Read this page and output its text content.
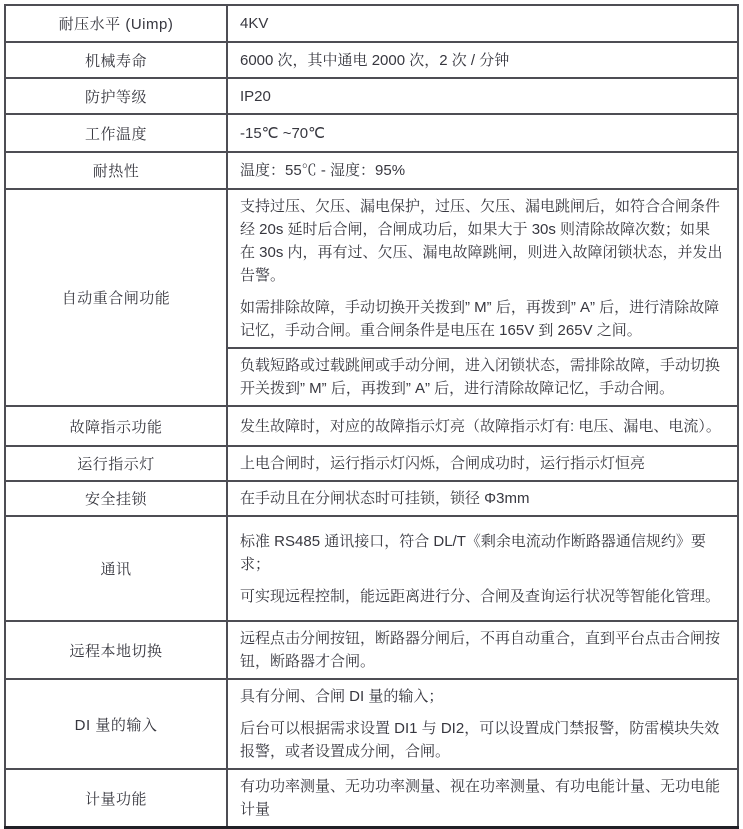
耐压水平 (Uimp)	4KV

机械寿命	6000 次，其中通电 2000 次，2 次 / 分钟

防护等级	IP20

工作温度	-15℃ ~70℃

耐热性	温度：55℃ - 湿度：95%

自动重合闸功能	支持过压、欠压、漏电保护，过压、欠压、漏电跳闸后，如符合合闸条件经 20s 延时后合闸，合闸成功后，如果大于 30s 则清除故障次数；如果在 30s 内，再有过、欠压、漏电故障跳闸，则进入故障闭锁状态，并发出告警。
如需排除故障，手动切换开关拨到” M” 后，再拨到” A” 后，进行清除故障记忆，手动合闸。重合闸条件是电压在 165V 到 265V 之间。

	负载短路或过载跳闸或手动分闸，进入闭锁状态，需排除故障，手动切换开关拨到” M” 后，再拨到” A” 后，进行清除故障记忆，手动合闸。

故障指示功能	发生故障时，对应的故障指示灯亮（故障指示灯有: 电压、漏电、电流）。

运行指示灯	上电合闸时，运行指示灯闪烁，合闸成功时，运行指示灯恒亮

安全挂锁	在手动且在分闸状态时可挂锁，锁径 Φ3mm

通讯	标准 RS485 通讯接口，符合 DL/T《剩余电流动作断路器通信规约》要求；
可实现远程控制，能远距离进行分、合闸及查询运行状况等智能化管理。

远程本地切换	远程点击分闸按钮，断路器分闸后，不再自动重合，直到平台点击合闸按钮，断路器才合闸。

DI 量的输入	具有分闸、合闸 DI 量的输入；
后台可以根据需求设置 DI1 与 DI2，可以设置成门禁报警，防雷模块失效报警，或者设置成分闸，合闸。

计量功能	有功功率测量、无功功率测量、视在功率测量、有功电能计量、无功电能计量
